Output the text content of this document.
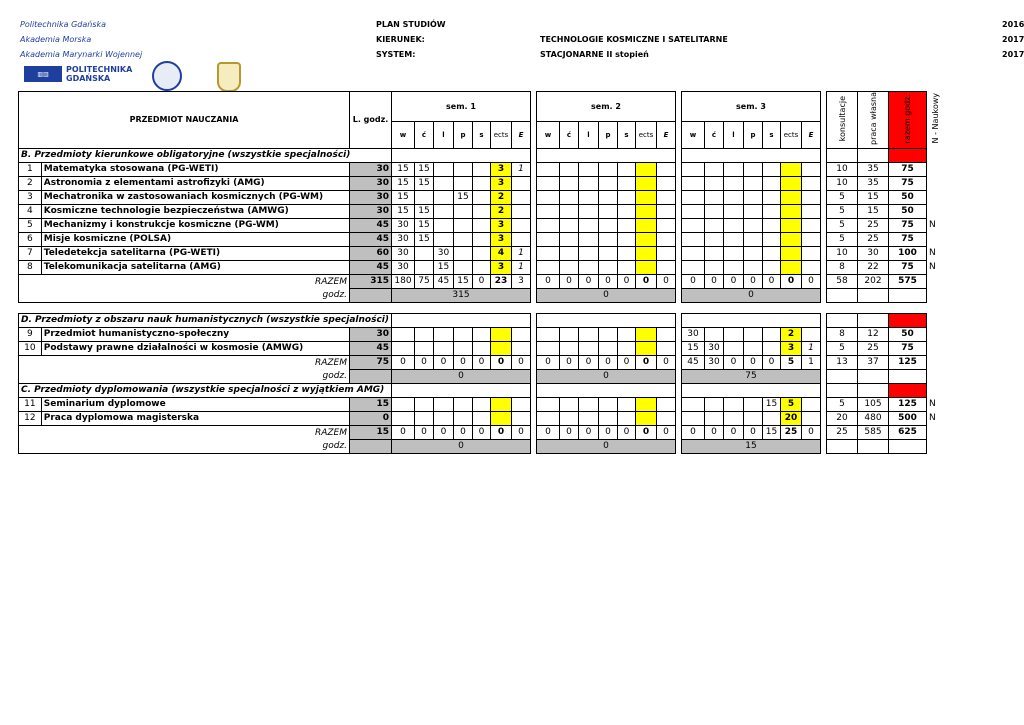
Politechnika Gdańska
Akademia Morska
Akademia Marynarki Wojennej
PLAN STUDIÓW
KIERUNEK:
SYSTEM:
TECHNOLOGIE KOSMICZNE I SATELITARNE
STACJONARNE II stopień
2016
2017
2017
▥▥	POLITECHNIKA GDAŃSKA
PRZEDMIOT NAUCZANIA		L. godz.	sem. 1								sem. 2								sem. 3								konsultacje	praca własna	razem godz.	N - Naukowy
			w	ć	l	p	s	ects	E		w	ć	l	p	s	ects	E		w	ć	l	p	s	ects	E					
B. Przedmioty kierunkowe obligatoryjne (wszystkie specjalności)																														
1	Matematyka stosowana (PG-WETI)	30	15	15				3	1																		10	35	75	
2	Astronomia z elementami astrofizyki (AMG)	30	15	15				3																			10	35	75	
3	Mechatronika w zastosowaniach kosmicznych (PG-WM)	30	15			15		2																			5	15	50	
4	Kosmiczne technologie bezpieczeństwa (AMWG)	30	15	15				2																			5	15	50	
5	Mechanizmy i konstrukcje kosmiczne (PG-WM)	45	30	15				3																			5	25	75	N
6	Misje kosmiczne (POLSA)	45	30	15				3																			5	25	75	
7	Teledetekcja satelitarna (PG-WETI)	60	30		30			4	1																		10	30	100	N
8	Telekomunikacja satelitarna (AMG)	45	30		15			3	1																		8	22	75	N
RAZEM		315	180	75	45	15	0	23	3		0	0	0	0	0	0	0		0	0	0	0	0	0	0		58	202	575	
godz.			315								0								0											

D. Przedmioty z obszaru nauk humanistycznych (wszystkie specjalności)																														
9	Przedmiot humanistyczno-społeczny	30																	30					2			8	12	50	
10	Podstawy prawne działalności w kosmosie (AMWG)	45																	15	30				3	1		5	25	75	
RAZEM		75	0	0	0	0	0	0	0		0	0	0	0	0	0	0		45	30	0	0	0	5	1		13	37	125	
godz.			0								0								75											
C. Przedmioty dyplomowania (wszystkie specjalności z wyjątkiem AMG)																														
11	Seminarium dyplomowe	15																					15	5			5	105	125	N
12	Praca dyplomowa magisterska	0																						20			20	480	500	N
RAZEM		15	0	0	0	0	0	0	0		0	0	0	0	0	0	0		0	0	0	0	15	25	0		25	585	625	
godz.			0								0								15											
